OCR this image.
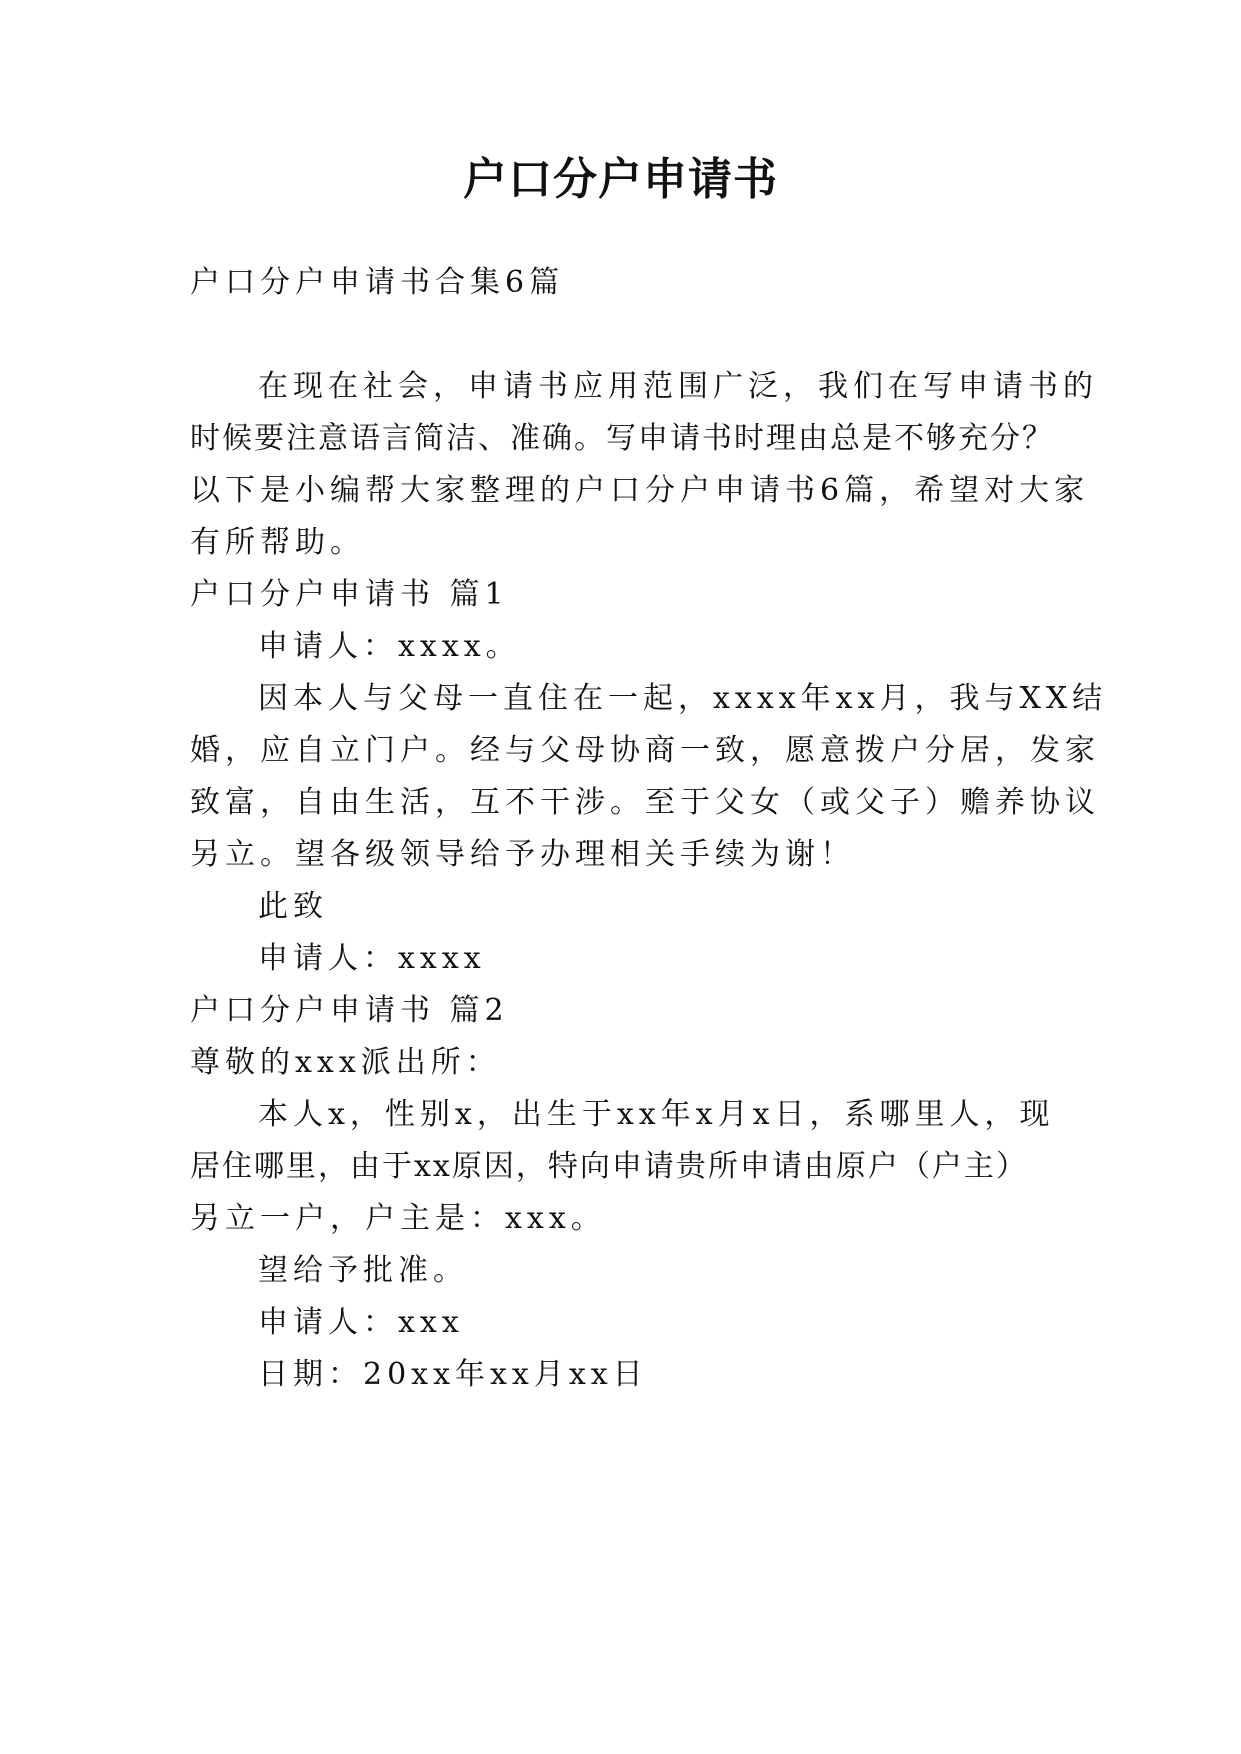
户口分户申请书
户口分户申请书合集6篇
在现在社会，申请书应用范围广泛，我们在写申请书的
时候要注意语言简洁、准确。写申请书时理由总是不够充分？
以下是小编帮大家整理的户口分户申请书6篇，希望对大家
有所帮助。
户口分户申请书 篇1
申请人：xxxx。
因本人与父母一直住在一起，xxxx年xx月，我与XX结
婚，应自立门户。经与父母协商一致，愿意拨户分居，发家
致富，自由生活，互不干涉。至于父女（或父子）赡养协议
另立。望各级领导给予办理相关手续为谢！
此致
申请人：xxxx
户口分户申请书 篇2
尊敬的xxx派出所：
本人x，性别x，出生于xx年x月x日，系哪里人，现
居住哪里，由于xx原因，特向申请贵所申请由原户（户主）
另立一户，户主是：xxx。
望给予批准。
申请人：xxx
日期：20xx年xx月xx日
